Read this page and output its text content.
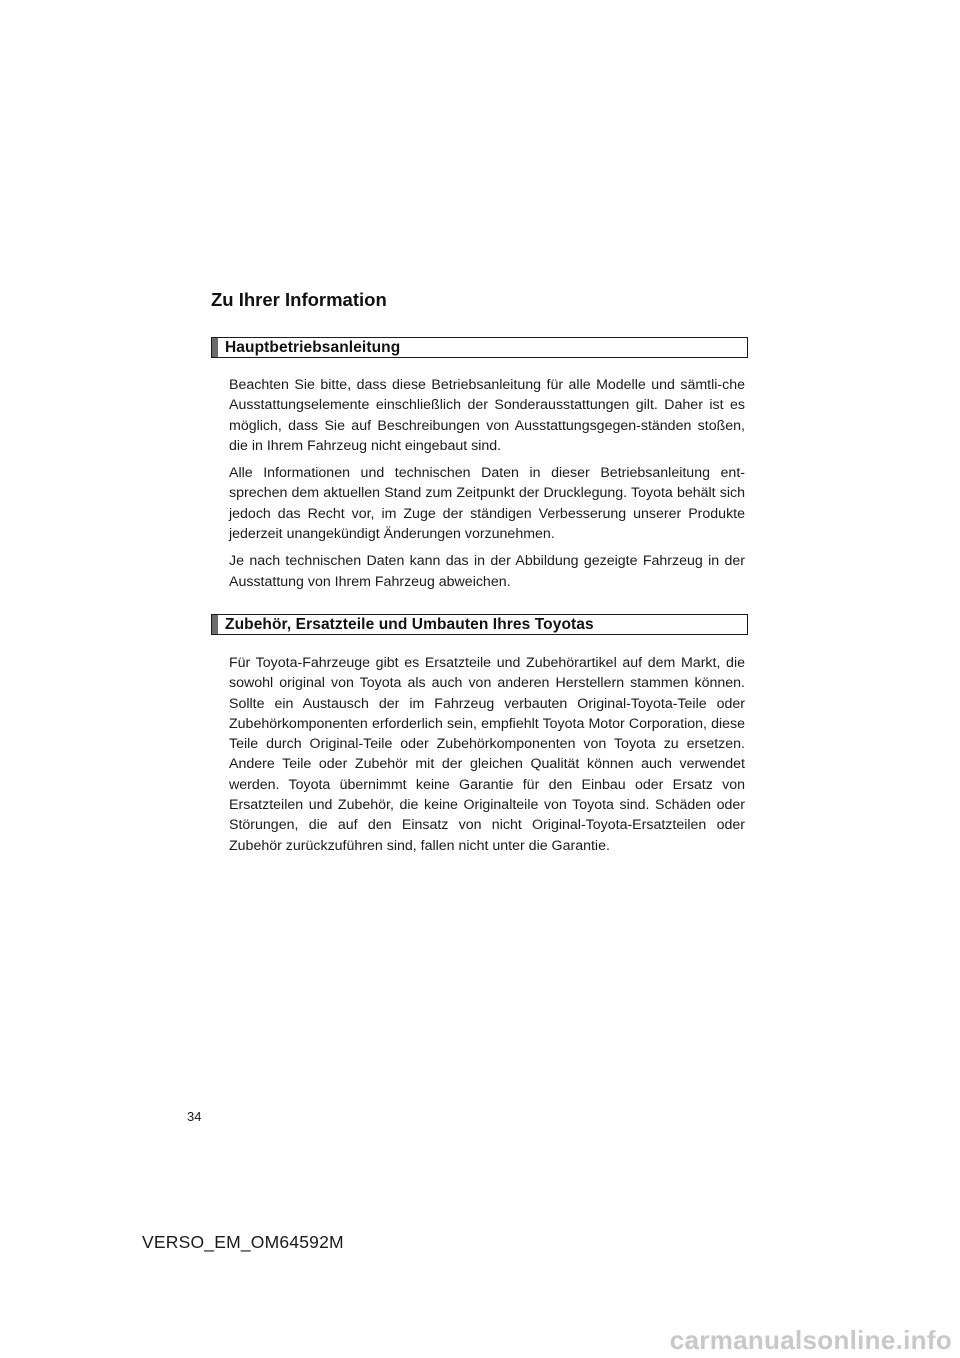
Zu Ihrer Information
Hauptbetriebsanleitung

Beachten Sie bitte, dass diese Betriebsanleitung für alle Modelle und sämtli-che Ausstattungselemente einschließlich der Sonderausstattungen gilt. Daher ist es möglich, dass Sie auf Beschreibungen von Ausstattungsgegen-ständen stoßen, die in Ihrem Fahrzeug nicht eingebaut sind.

Alle Informationen und technischen Daten in dieser Betriebsanleitung ent-sprechen dem aktuellen Stand zum Zeitpunkt der Drucklegung. Toyota behält sich jedoch das Recht vor, im Zuge der ständigen Verbesserung unserer Produkte jederzeit unangekündigt Änderungen vorzunehmen.

Je nach technischen Daten kann das in der Abbildung gezeigte Fahrzeug in der Ausstattung von Ihrem Fahrzeug abweichen.

Zubehör, Ersatzteile und Umbauten Ihres Toyotas

Für Toyota-Fahrzeuge gibt es Ersatzteile und Zubehörartikel auf dem Markt, die sowohl original von Toyota als auch von anderen Herstellern stammen können. Sollte ein Austausch der im Fahrzeug verbauten Original-Toyota-Teile oder Zubehörkomponenten erforderlich sein, empfiehlt Toyota Motor Corporation, diese Teile durch Original-Teile oder Zubehörkomponenten von Toyota zu ersetzen. Andere Teile oder Zubehör mit der gleichen Qualität können auch verwendet werden. Toyota übernimmt keine Garantie für den Einbau oder Ersatz von Ersatzteilen und Zubehör, die keine Originalteile von Toyota sind. Schäden oder Störungen, die auf den Einsatz von nicht Original-Toyota-Ersatzteilen oder Zubehör zurückzuführen sind, fallen nicht unter die Garantie.

34
VERSO_EM_OM64592M
carmanualsonline.info
